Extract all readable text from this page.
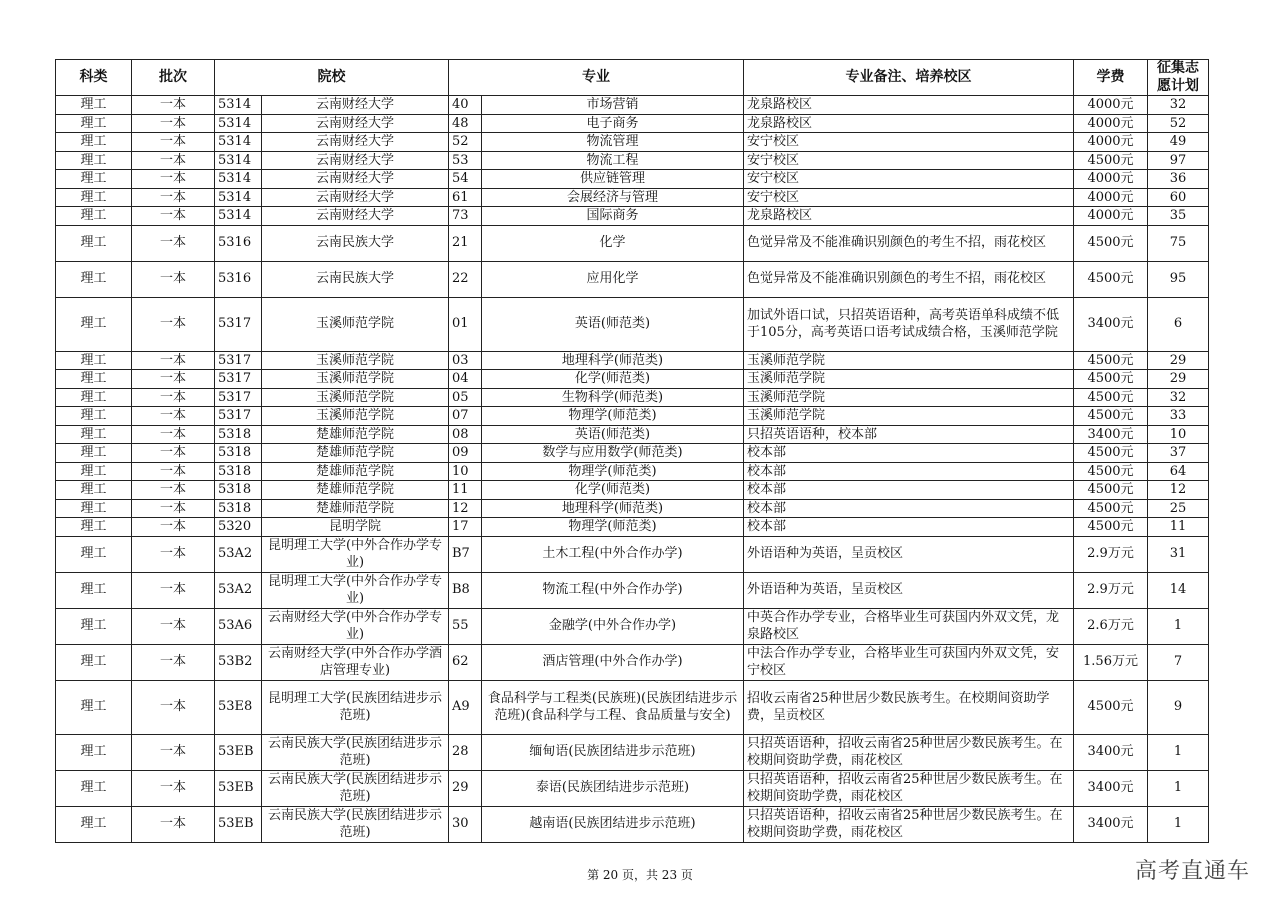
科类	批次	院校		专业		专业备注、培养校区	学费	征集志愿计划
理工	一本	5314	云南财经大学	40	市场营销	龙泉路校区	4000元	32
理工	一本	5314	云南财经大学	48	电子商务	龙泉路校区	4000元	52
理工	一本	5314	云南财经大学	52	物流管理	安宁校区	4000元	49
理工	一本	5314	云南财经大学	53	物流工程	安宁校区	4500元	97
理工	一本	5314	云南财经大学	54	供应链管理	安宁校区	4000元	36
理工	一本	5314	云南财经大学	61	会展经济与管理	安宁校区	4000元	60
理工	一本	5314	云南财经大学	73	国际商务	龙泉路校区	4000元	35
理工	一本	5316	云南民族大学	21	化学	色觉异常及不能准确识别颜色的考生不招，雨花校区	4500元	75
理工	一本	5316	云南民族大学	22	应用化学	色觉异常及不能准确识别颜色的考生不招，雨花校区	4500元	95
理工	一本	5317	玉溪师范学院	01	英语(师范类)	加试外语口试，只招英语语种，高考英语单科成绩不低于105分，高考英语口语考试成绩合格，玉溪师范学院	3400元	6
理工	一本	5317	玉溪师范学院	03	地理科学(师范类)	玉溪师范学院	4500元	29
理工	一本	5317	玉溪师范学院	04	化学(师范类)	玉溪师范学院	4500元	29
理工	一本	5317	玉溪师范学院	05	生物科学(师范类)	玉溪师范学院	4500元	32
理工	一本	5317	玉溪师范学院	07	物理学(师范类)	玉溪师范学院	4500元	33
理工	一本	5318	楚雄师范学院	08	英语(师范类)	只招英语语种，校本部	3400元	10
理工	一本	5318	楚雄师范学院	09	数学与应用数学(师范类)	校本部	4500元	37
理工	一本	5318	楚雄师范学院	10	物理学(师范类)	校本部	4500元	64
理工	一本	5318	楚雄师范学院	11	化学(师范类)	校本部	4500元	12
理工	一本	5318	楚雄师范学院	12	地理科学(师范类)	校本部	4500元	25
理工	一本	5320	昆明学院	17	物理学(师范类)	校本部	4500元	11
理工	一本	53A2	昆明理工大学(中外合作办学专业)	B7	土木工程(中外合作办学)	外语语种为英语，呈贡校区	2.9万元	31
理工	一本	53A2	昆明理工大学(中外合作办学专业)	B8	物流工程(中外合作办学)	外语语种为英语，呈贡校区	2.9万元	14
理工	一本	53A6	云南财经大学(中外合作办学专业)	55	金融学(中外合作办学)	中英合作办学专业，合格毕业生可获国内外双文凭，龙泉路校区	2.6万元	1
理工	一本	53B2	云南财经大学(中外合作办学酒店管理专业)	62	酒店管理(中外合作办学)	中法合作办学专业，合格毕业生可获国内外双文凭，安宁校区	1.56万元	7
理工	一本	53E8	昆明理工大学(民族团结进步示范班)	A9	食品科学与工程类(民族班)(民族团结进步示范班)(食品科学与工程、食品质量与安全)	招收云南省25种世居少数民族考生。在校期间资助学费，呈贡校区	4500元	9
理工	一本	53EB	云南民族大学(民族团结进步示范班)	28	缅甸语(民族团结进步示范班)	只招英语语种，招收云南省25种世居少数民族考生。在校期间资助学费，雨花校区	3400元	1
理工	一本	53EB	云南民族大学(民族团结进步示范班)	29	泰语(民族团结进步示范班)	只招英语语种，招收云南省25种世居少数民族考生。在校期间资助学费，雨花校区	3400元	1
理工	一本	53EB	云南民族大学(民族团结进步示范班)	30	越南语(民族团结进步示范班)	只招英语语种，招收云南省25种世居少数民族考生。在校期间资助学费，雨花校区	3400元	1
第 20 页，共 23 页	高考直通车
